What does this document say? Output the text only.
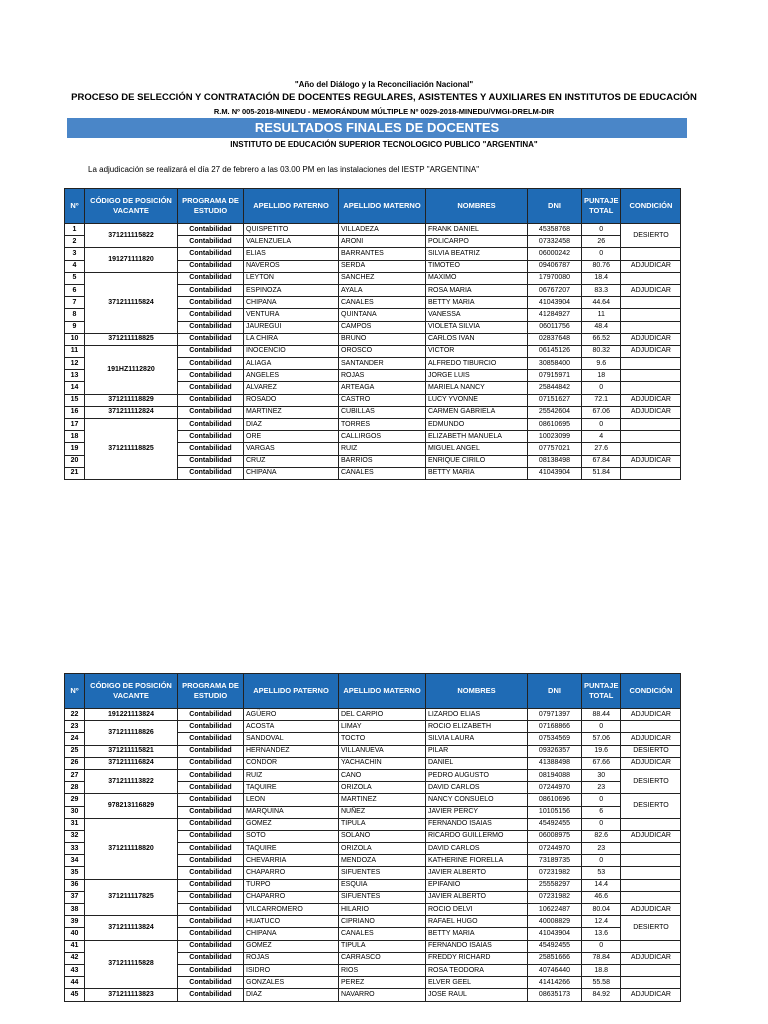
"Año del Diálogo y la Reconciliación Nacional"
PROCESO DE SELECCIÓN Y CONTRATACIÓN DE DOCENTES REGULARES, ASISTENTES Y AUXILIARES EN INSTITUTOS DE EDUCACIÓN
R.M. Nº 005-2018-MINEDU - MEMORÁNDUM MÚLTIPLE Nº 0029-2018-MINEDU/VMGI-DRELM-DIR
RESULTADOS FINALES DE DOCENTES
INSTITUTO DE EDUCACIÓN SUPERIOR TECNOLOGICO PUBLICO "ARGENTINA"
La adjudicación se realizará el día 27 de febrero a las 03.00 PM en las instalaciones del IESTP "ARGENTINA"
Nº	CÓDIGO DE POSICIÓN VACANTE	PROGRAMA DE ESTUDIO	APELLIDO PATERNO	APELLIDO MATERNO	NOMBRES	DNI	PUNTAJE TOTAL	CONDICIÓN
1	371211115822	Contabilidad	QUISPETITO	VILLADEZA	FRANK DANIEL	45358768	0	DESIERTO
2		Contabilidad	VALENZUELA	ARONI	POLICARPO	07332458	26	
3	191271111820	Contabilidad	ELIAS	BARRANTES	SILVIA BEATRIZ	06000242	0	
4		Contabilidad	NAVEROS	SERDA	TIMOTEO	09406787	80.76	ADJUDICAR
5	371211115824	Contabilidad	LEYTON	SANCHEZ	MAXIMO	17970080	18.4	
6		Contabilidad	ESPINOZA	AYALA	ROSA MARIA	06767207	83.3	ADJUDICAR
7		Contabilidad	CHIPANA	CANALES	BETTY MARIA	41043904	44.64	
8		Contabilidad	VENTURA	QUINTANA	VANESSA	41284927	11	
9		Contabilidad	JAUREGUI	CAMPOS	VIOLETA SILVIA	06011756	48.4	
10	371211118825	Contabilidad	LA CHIRA	BRUNO	CARLOS IVAN	02837648	66.52	ADJUDICAR
11	191HZ1112820	Contabilidad	INOCENCIO	OROSCO	VICTOR	06145126	80.32	ADJUDICAR
12		Contabilidad	ALIAGA	SANTANDER	ALFREDO TIBURCIO	30858400	9.6	
13		Contabilidad	ANGELES	ROJAS	JORGE LUIS	07915971	18	
14		Contabilidad	ALVAREZ	ARTEAGA	MARIELA NANCY	25844842	0	
15	371211118829	Contabilidad	ROSADO	CASTRO	LUCY YVONNE	07151627	72.1	ADJUDICAR
16	371211112824	Contabilidad	MARTINEZ	CUBILLAS	CARMEN GABRIELA	25542604	67.06	ADJUDICAR
17	371211118825	Contabilidad	DIAZ	TORRES	EDMUNDO	08610695	0	
18		Contabilidad	ORE	CALLIRGOS	ELIZABETH MANUELA	10023099	4	
19		Contabilidad	VARGAS	RUIZ	MIGUEL ANGEL	07757021	27.6	
20		Contabilidad	CRUZ	BARRIOS	ENRIQUE CIRILO	08138498	67.84	ADJUDICAR
21		Contabilidad	CHIPANA	CANALES	BETTY MARIA	41043904	51.84	
Nº	CÓDIGO DE POSICIÓN VACANTE	PROGRAMA DE ESTUDIO	APELLIDO PATERNO	APELLIDO MATERNO	NOMBRES	DNI	PUNTAJE TOTAL	CONDICIÓN
22	191221113824	Contabilidad	AGÜERO	DEL CARPIO	LIZARDO ELIAS	07971397	88.44	ADJUDICAR
23	371211118826	Contabilidad	ACOSTA	LIMAY	ROCIO ELIZABETH	07168866	0	
24		Contabilidad	SANDOVAL	TOCTO	SILVIA LAURA	07534569	57.06	ADJUDICAR
25	371211115821	Contabilidad	HERNANDEZ	VILLANUEVA	PILAR	09326357	19.6	DESIERTO
26	371211116824	Contabilidad	CONDOR	YACHACHIN	DANIEL	41388498	67.66	ADJUDICAR
27	371211113822	Contabilidad	RUIZ	CANO	PEDRO AUGUSTO	08194088	30	DESIERTO
28		Contabilidad	TAQUIRE	ORIZOLA	DAVID CARLOS	07244970	23	
29	978213116829	Contabilidad	LEON	MARTINEZ	NANCY CONSUELO	08610696	0	DESIERTO
30		Contabilidad	MARQUINA	NUÑEZ	JAVIER PERCY	10105156	6	
31	371211118820	Contabilidad	GOMEZ	TIPULA	FERNANDO ISAIAS	45492455	0	
32		Contabilidad	SOTO	SOLANO	RICARDO GUILLERMO	06008975	82.6	ADJUDICAR
33		Contabilidad	TAQUIRE	ORIZOLA	DAVID CARLOS	07244970	23	
34		Contabilidad	CHEVARRIA	MENDOZA	KATHERINE FIORELLA	73189735	0	
35		Contabilidad	CHAPARRO	SIFUENTES	JAVIER ALBERTO	07231982	53	
36	371211117825	Contabilidad	TURPO	ESQUIA	EPIFANIO	25558297	14.4	
37		Contabilidad	CHAPARRO	SIFUENTES	JAVIER ALBERTO	07231982	46.6	
38		Contabilidad	VILCARROMERO	HILARIO	ROCIO DELVI	10622487	80.04	ADJUDICAR
39	371211113824	Contabilidad	HUATUCO	CIPRIANO	RAFAEL HUGO	40008829	12.4	DESIERTO
40		Contabilidad	CHIPANA	CANALES	BETTY MARIA	41043904	13.6	
41	371211115828	Contabilidad	GOMEZ	TIPULA	FERNANDO ISAIAS	45492455	0	
42		Contabilidad	ROJAS	CARRASCO	FREDDY RICHARD	25851666	78.84	ADJUDICAR
43		Contabilidad	ISIDRO	RIOS	ROSA TEODORA	40746440	18.8	
44		Contabilidad	GONZALES	PEREZ	ELVER GEEL	41414266	55.58	
45	371211113823	Contabilidad	DIAZ	NAVARRO	JOSE RAUL	08635173	84.92	ADJUDICAR
